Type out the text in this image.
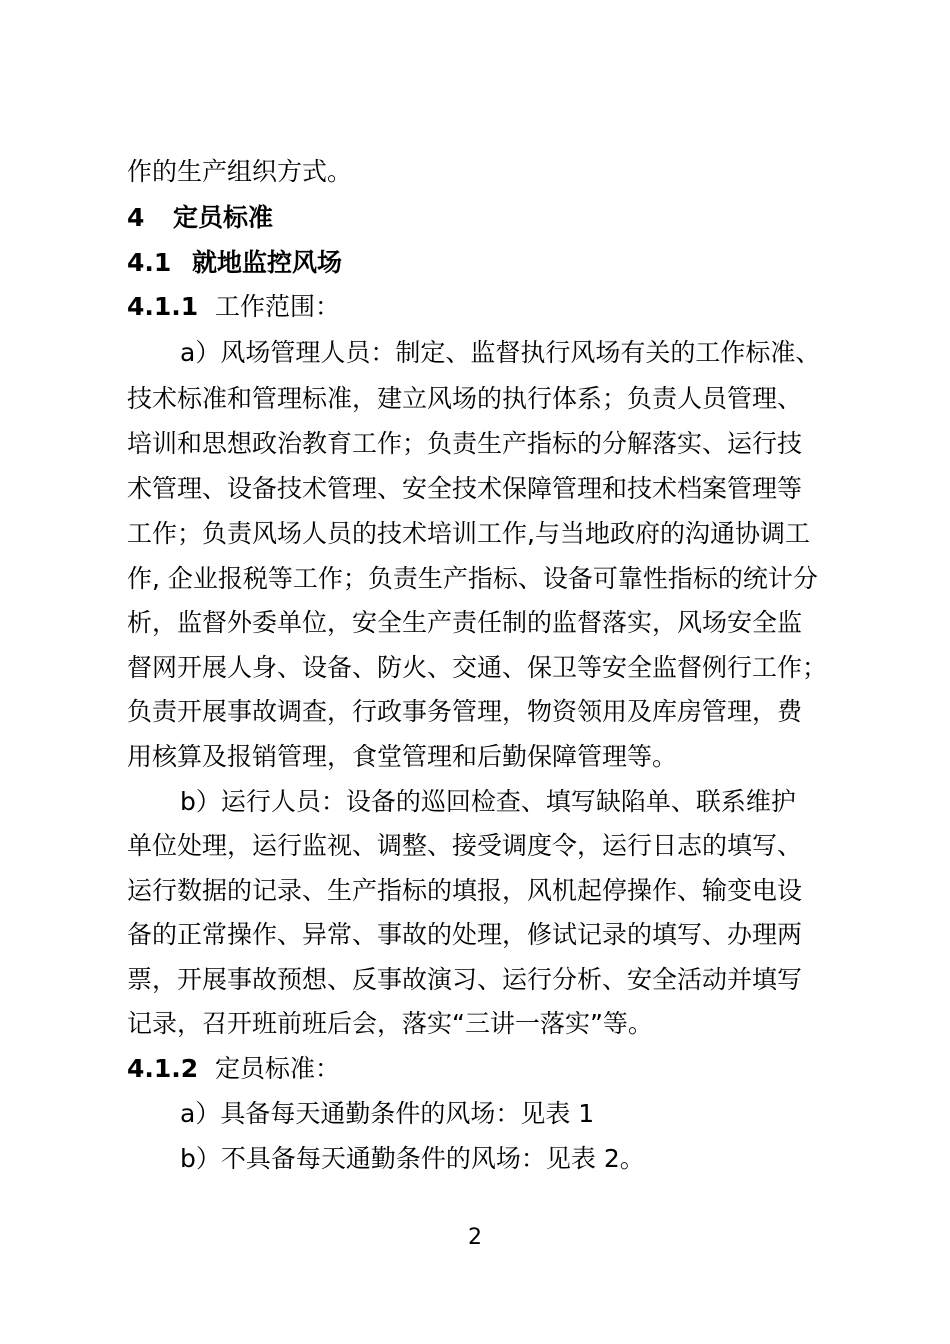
作的生产组织方式。
4 定员标准
4.1 就地监控风场
4.1.1 工作范围：
a）风场管理人员：制定、监督执行风场有关的工作标准、
技术标准和管理标准，建立风场的执行体系；负责人员管理、
培训和思想政治教育工作；负责生产指标的分解落实、运行技
术管理、设备技术管理、安全技术保障管理和技术档案管理等
工作；负责风场人员的技术培训工作,与当地政府的沟通协调工
作, 企业报税等工作；负责生产指标、设备可靠性指标的统计分
析，监督外委单位，安全生产责任制的监督落实，风场安全监
督网开展人身、设备、防火、交通、保卫等安全监督例行工作；
负责开展事故调查，行政事务管理，物资领用及库房管理，费
用核算及报销管理，食堂管理和后勤保障管理等。
b）运行人员：设备的巡回检查、填写缺陷单、联系维护
单位处理，运行监视、调整、接受调度令，运行日志的填写、
运行数据的记录、生产指标的填报，风机起停操作、输变电设
备的正常操作、异常、事故的处理，修试记录的填写、办理两
票，开展事故预想、反事故演习、运行分析、安全活动并填写
记录，召开班前班后会，落实“三讲一落实”等。
4.1.2 定员标准：
a）具备每天通勤条件的风场：见表 1
b）不具备每天通勤条件的风场：见表 2。
2
